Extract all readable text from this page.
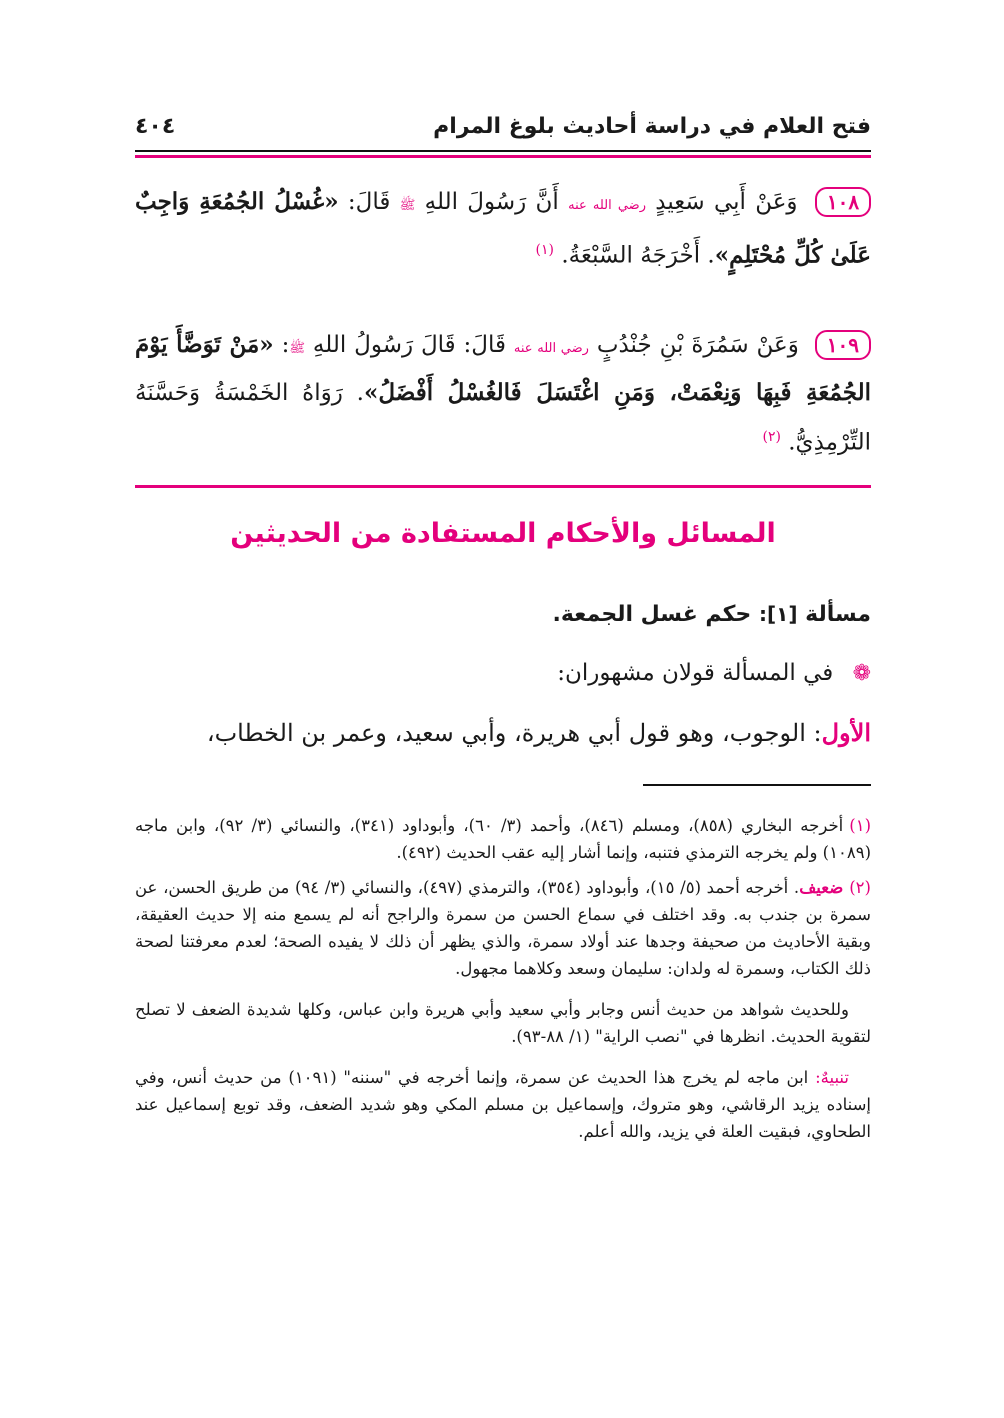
فتح العلام في دراسة أحاديث بلوغ المرام
٤٠٤
١٠٨ وَعَنْ أَبِي سَعِيدٍ رضي الله عنه أَنَّ رَسُولَ اللهِ ﷺ قَالَ: «غُسْلُ الجُمُعَةِ وَاجِبٌ عَلَىٰ كُلِّ مُحْتَلِمٍ». أَخْرَجَهُ السَّبْعَةُ. $^{(١)}$
١٠٩ وَعَنْ سَمُرَةَ بْنِ جُنْدُبٍ رضي الله عنه قَالَ: قَالَ رَسُولُ اللهِ ﷺ: «مَنْ تَوَضَّأَ يَوْمَ الجُمُعَةِ فَبِهَا وَنِعْمَتْ، وَمَنِ اغْتَسَلَ فَالغُسْلُ أَفْضَلُ». رَوَاهُ الخَمْسَةُ وَحَسَّنَهُ التِّرْمِذِيُّ. $^{(٢)}$
المسائل والأحكام المستفادة من الحديثين
مسألة [١]: حكم غسل الجمعة.
❁ في المسألة قولان مشهوران:
الأول: الوجوب، وهو قول أبي هريرة، وأبي سعيد، وعمر بن الخطاب،

(١)أخرجه البخاري (٨٥٨)، ومسلم (٨٤٦)، وأحمد (٣/ ٦٠)، وأبوداود (٣٤١)، والنسائي (٣/ ٩٢)، وابن ماجه (١٠٨٩) ولم يخرجه الترمذي فتنبه، وإنما أشار إليه عقب الحديث (٤٩٢).

(٢)ضعيف. أخرجه أحمد (٥/ ١٥)، وأبوداود (٣٥٤)، والترمذي (٤٩٧)، والنسائي (٣/ ٩٤) من طريق الحسن، عن سمرة بن جندب به. وقد اختلف في سماع الحسن من سمرة والراجح أنه لم يسمع منه إلا حديث العقيقة، وبقية الأحاديث من صحيفة وجدها عند أولاد سمرة، والذي يظهر أن ذلك لا يفيده الصحة؛ لعدم معرفتنا لصحة ذلك الكتاب، وسمرة له ولدان: سليمان وسعد وكلاهما مجهول.

وللحديث شواهد من حديث أنس وجابر وأبي سعيد وأبي هريرة وابن عباس، وكلها شديدة الضعف لا تصلح لتقوية الحديث. انظرها في "نصب الراية" (١/ ٨٨-٩٣).

تنبيهٌ: ابن ماجه لم يخرج هذا الحديث عن سمرة، وإنما أخرجه في "سننه" (١٠٩١) من حديث أنس، وفي إسناده يزيد الرقاشي، وهو متروك، وإسماعيل بن مسلم المكي وهو شديد الضعف، وقد توبع إسماعيل عند الطحاوي، فبقيت العلة في يزيد، والله أعلم.
